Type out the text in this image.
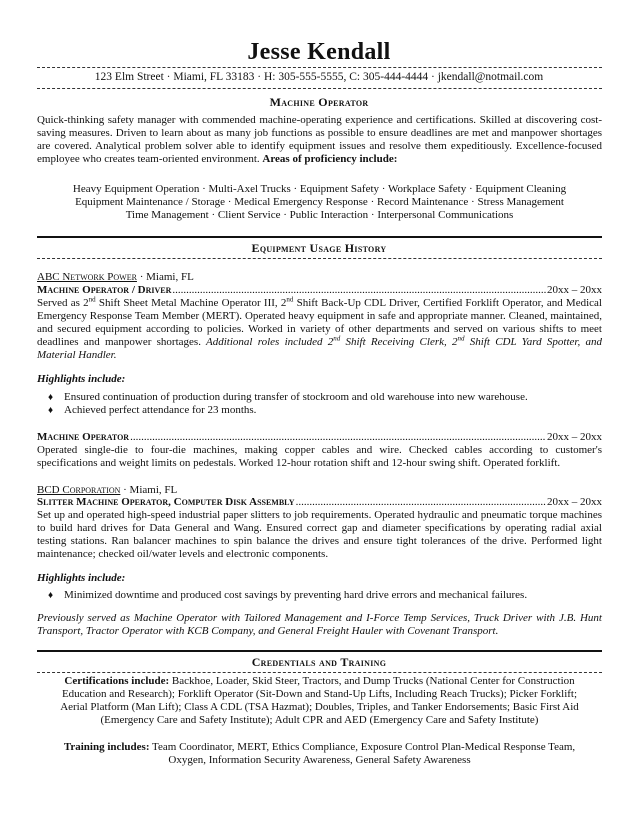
Jesse Kendall
123 Elm Street · Miami, FL 33183 · H: 305-555-5555, C: 305-444-4444 · jkendall@notmail.com
Machine Operator
Quick-thinking safety manager with commended machine-operating experience and certifications. Skilled at discovering cost-saving measures. Driven to learn about as many job functions as possible to ensure deadlines are met and manpower shortages are covered. Analytical problem solver able to identify equipment issues and resolve them expeditiously. Excellence-focused employee who creates team-oriented environment. Areas of proficiency include:
Heavy Equipment Operation · Multi-Axel Trucks · Equipment Safety · Workplace Safety · Equipment Cleaning
Equipment Maintenance / Storage · Medical Emergency Response · Record Maintenance · Stress Management
Time Management · Client Service · Public Interaction · Interpersonal Communications
Equipment Usage History
ABC Network Power · Miami, FL
Machine Operator / Driver .....	20xx – 20xx
Served as 2nd Shift Sheet Metal Machine Operator III, 2nd Shift Back-Up CDL Driver, Certified Forklift Operator, and Medical Emergency Response Team Member (MERT). Operated heavy equipment in safe and appropriate manner. Cleaned, maintained, and secured equipment according to policies. Worked in variety of other departments and served on various shifts to meet deadlines and manpower shortages. Additional roles included 2nd Shift Receiving Clerk, 2nd Shift CDL Yard Spotter, and Material Handler.
Highlights include:
♦ Ensured continuation of production during transfer of stockroom and old warehouse into new warehouse.
♦ Achieved perfect attendance for 23 months.
Machine Operator .....	20xx – 20xx
Operated single-die to four-die machines, making copper cables and wire. Checked cables according to customer's specifications and weight limits on pedestals. Worked 12-hour rotation shift and 12-hour swing shift. Operated forklift.
BCD Corporation · Miami, FL
Slitter Machine Operator, Computer Disk Assembly .....	20xx – 20xx
Set up and operated high-speed industrial paper slitters to job requirements. Operated hydraulic and pneumatic torque machines to build hard drives for Data General and Wang. Ensured correct gap and diameter specifications by operating radial axial testing stations. Ran balancer machines to spin balance the drives and ensure tight tolerances of the drive. Performed light maintenance; checked oil/water levels and electronic components.
Highlights include:
♦ Minimized downtime and produced cost savings by preventing hard drive errors and mechanical failures.
Previously served as Machine Operator with Tailored Management and I-Force Temp Services, Truck Driver with J.B. Hunt Transport, Tractor Operator with KCB Company, and General Freight Hauler with Covenant Transport.
Credentials and Training
Certifications include: Backhoe, Loader, Skid Steer, Tractors, and Dump Trucks (National Center for Construction Education and Research); Forklift Operator (Sit-Down and Stand-Up Lifts, Including Reach Trucks); Picker Forklift; Aerial Platform (Man Lift); Class A CDL (TSA Hazmat); Doubles, Triples, and Tanker Endorsements; Basic First Aid (Emergency Care and Safety Institute); Adult CPR and AED (Emergency Care and Safety Institute)
Training includes: Team Coordinator, MERT, Ethics Compliance, Exposure Control Plan-Medical Response Team, Oxygen, Information Security Awareness, General Safety Awareness
